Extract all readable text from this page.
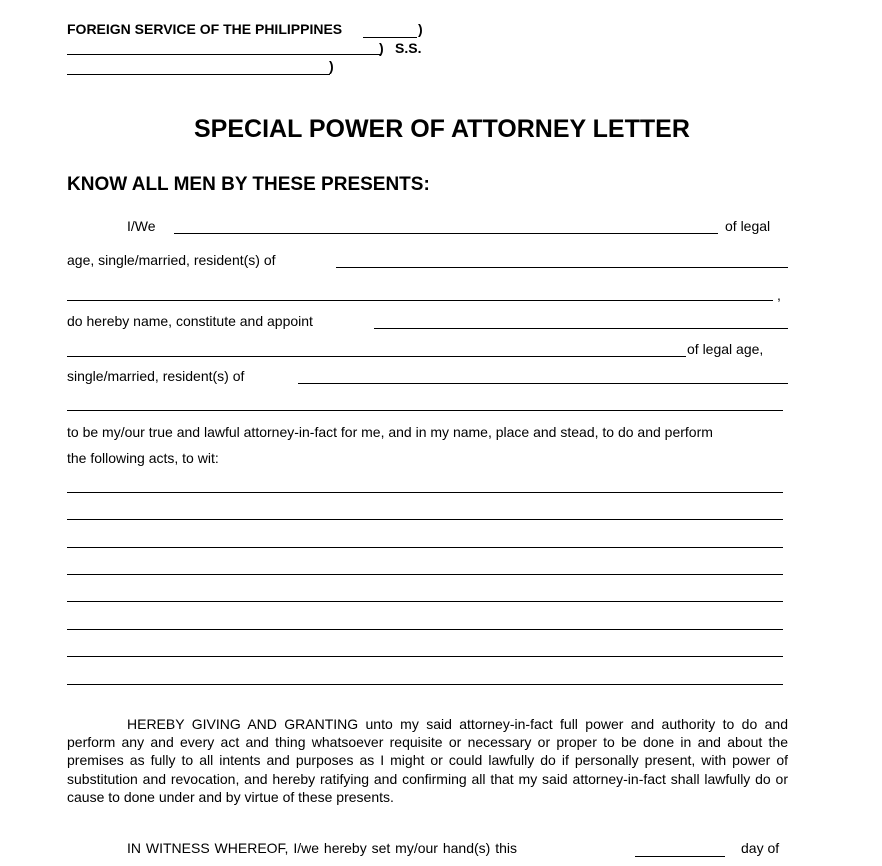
FOREIGN SERVICE OF THE PHILIPPINES	)
) S.S.
)
SPECIAL POWER OF ATTORNEY LETTER
KNOW ALL MEN BY THESE PRESENTS:
I/We	of legal
age, single/married, resident(s) of
,
do hereby name, constitute and appoint
of legal age,
single/married, resident(s) of
to be my/our true and lawful attorney-in-fact for me, and in my name, place and stead, to do and perform
the following acts, to wit:
HEREBY GIVING AND GRANTING unto my said attorney-in-fact full power and authority to do and perform any and every act and thing whatsoever requisite or necessary or proper to be done in and about the premises as fully to all intents and purposes as I might or could lawfully do if personally present, with power of substitution and revocation, and hereby ratifying and confirming all that my said attorney-in-fact shall lawfully do or cause to done under and by virtue of these presents.
IN WITNESS WHEREOF, I/we hereby set my/our hand(s) this	day of
